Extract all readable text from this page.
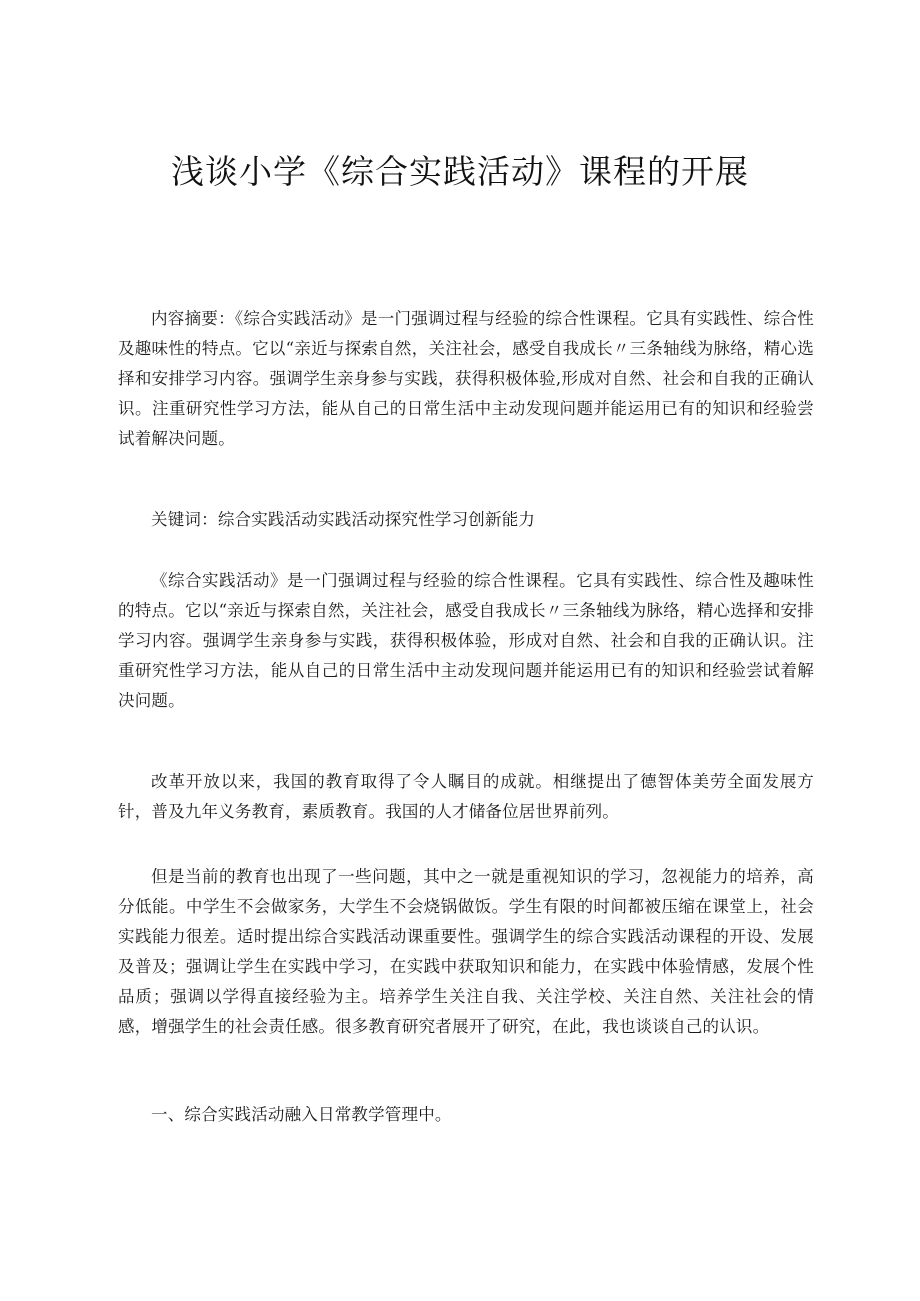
浅谈小学《综合实践活动》课程的开展

内容摘要：《综合实践活动》是一门强调过程与经验的综合性课程。它具有实践性、综合性及趣味性的特点。它以“亲近与探索自然，关注社会，感受自我成长〃三条轴线为脉络，精心选择和安排学习内容。强调学生亲身参与实践，获得积极体验,形成对自然、社会和自我的正确认识。注重研究性学习方法，能从自己的日常生活中主动发现问题并能运用已有的知识和经验尝试着解决问题。

关键词：综合实践活动实践活动探究性学习创新能力

《综合实践活动》是一门强调过程与经验的综合性课程。它具有实践性、综合性及趣味性的特点。它以“亲近与探索自然，关注社会，感受自我成长〃三条轴线为脉络，精心选择和安排学习内容。强调学生亲身参与实践，获得积极体验，形成对自然、社会和自我的正确认识。注重研究性学习方法，能从自己的日常生活中主动发现问题并能运用已有的知识和经验尝试着解决问题。

改革开放以来，我国的教育取得了令人瞩目的成就。相继提出了德智体美劳全面发展方针，普及九年义务教育，素质教育。我国的人才储备位居世界前列。

但是当前的教育也出现了一些问题，其中之一就是重视知识的学习，忽视能力的培养，高分低能。中学生不会做家务，大学生不会烧锅做饭。学生有限的时间都被压缩在课堂上，社会实践能力很差。适时提出综合实践活动课重要性。强调学生的综合实践活动课程的开设、发展及普及；强调让学生在实践中学习，在实践中获取知识和能力，在实践中体验情感，发展个性品质；强调以学得直接经验为主。培养学生关注自我、关注学校、关注自然、关注社会的情感，增强学生的社会责任感。很多教育研究者展开了研究，在此，我也谈谈自己的认识。

一、综合实践活动融入日常教学管理中。
